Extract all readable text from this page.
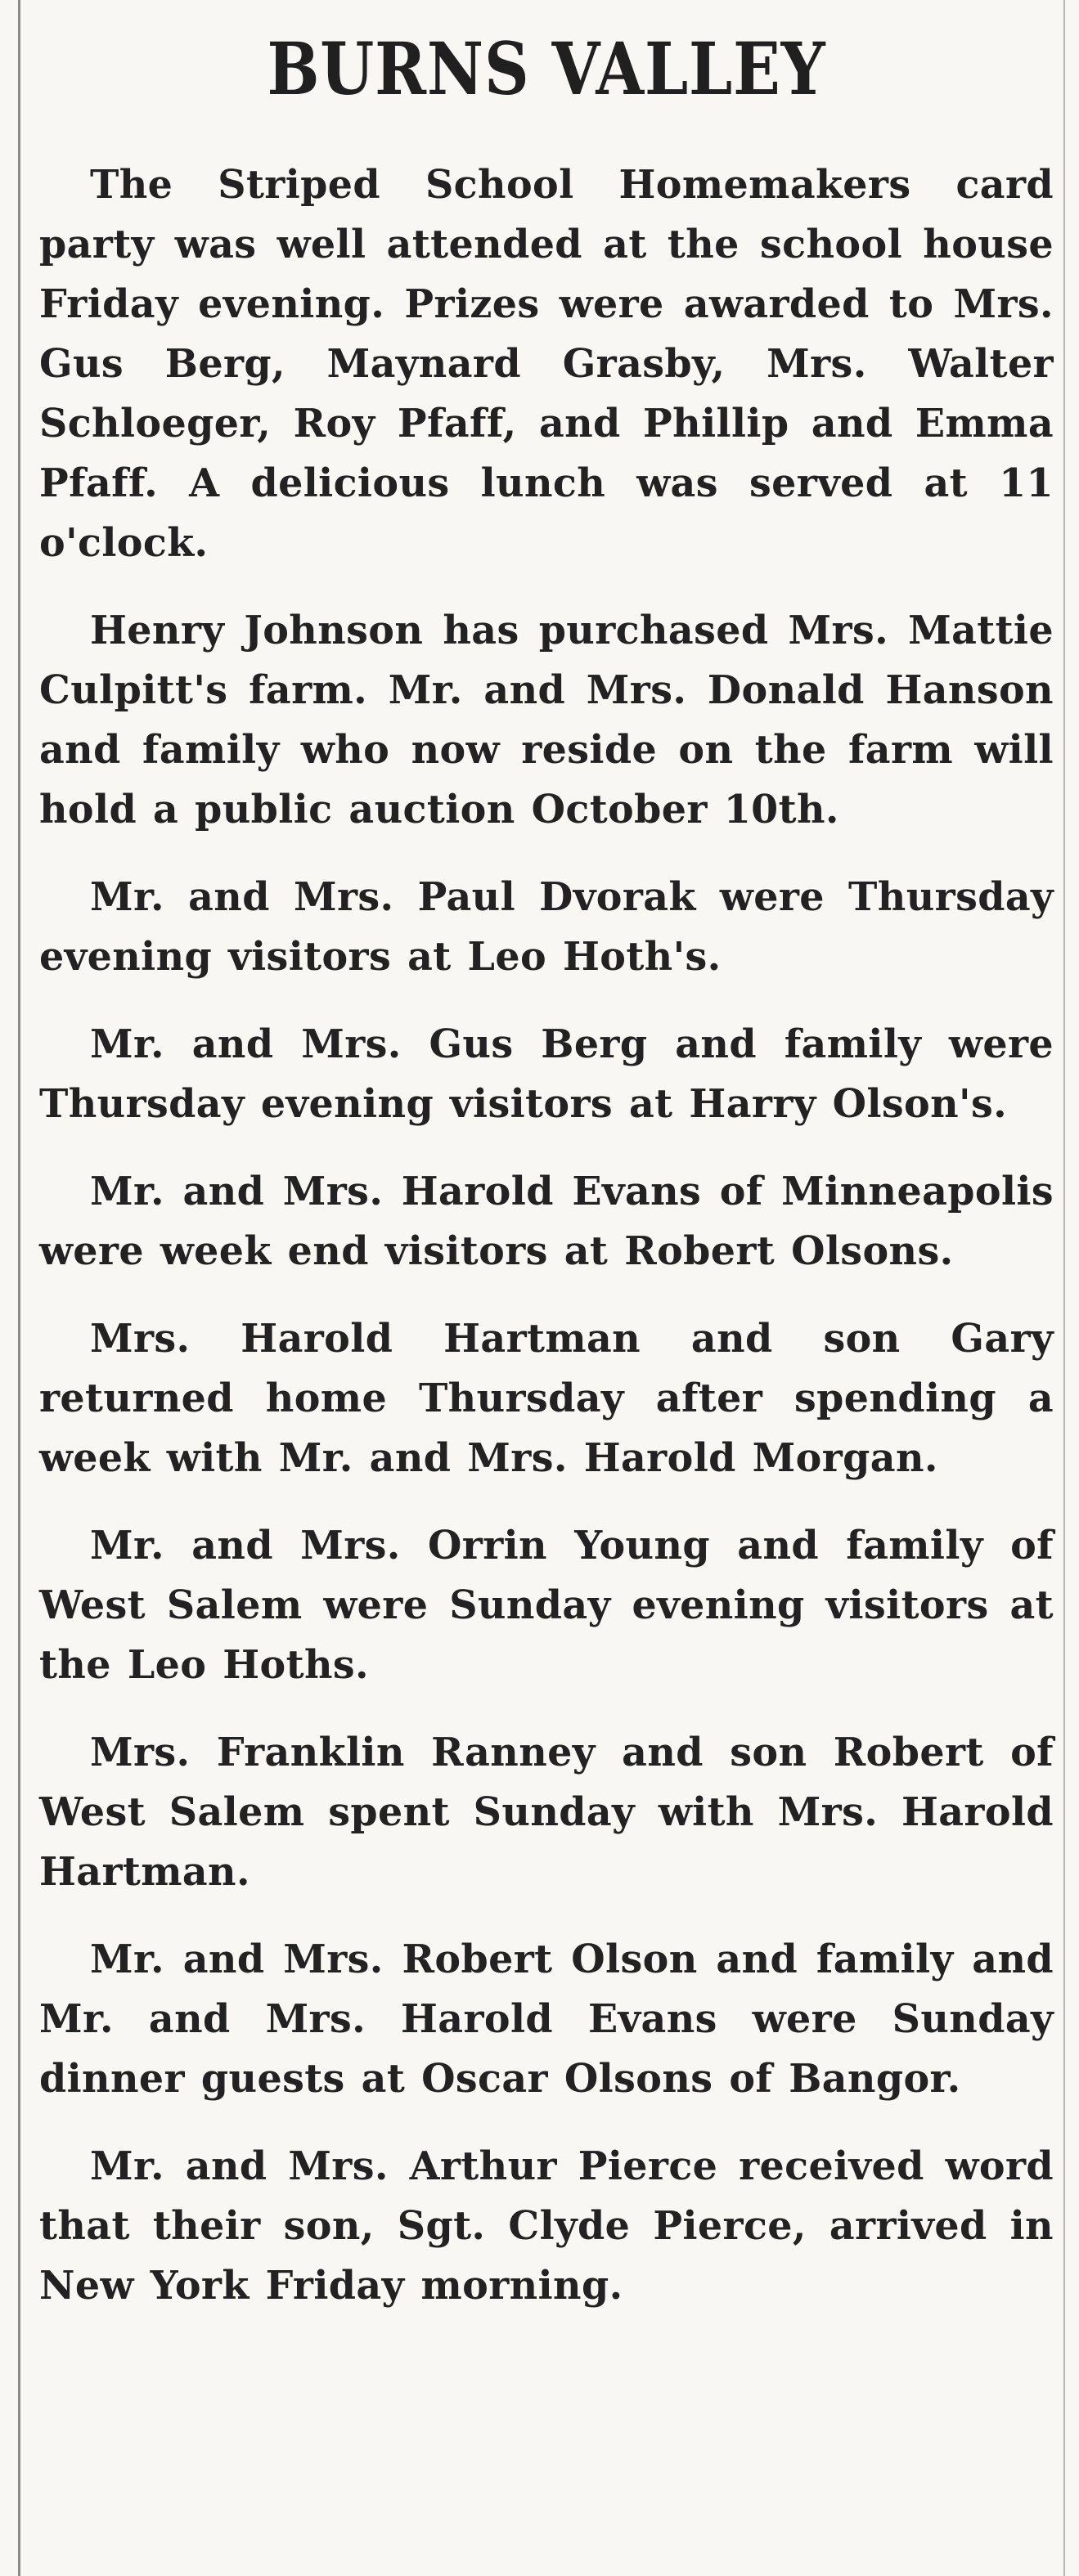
BURNS VALLEY

The Striped School Homemakers card party was well attended at the school house Friday evening. Prizes were awarded to Mrs. Gus Berg, Maynard Grasby, Mrs. Walter Schloeger, Roy Pfaff, and Phillip and Emma Pfaff. A delicious lunch was served at 11 o'clock.

Henry Johnson has purchased Mrs. Mattie Culpitt's farm. Mr. and Mrs. Donald Hanson and family who now reside on the farm will hold a public auction October 10th.

Mr. and Mrs. Paul Dvorak were Thursday evening visitors at Leo Hoth's.

Mr. and Mrs. Gus Berg and family were Thursday evening visitors at Harry Olson's.

Mr. and Mrs. Harold Evans of Minneapolis were week end visitors at Robert Olsons.

Mrs. Harold Hartman and son Gary returned home Thursday after spending a week with Mr. and Mrs. Harold Morgan.

Mr. and Mrs. Orrin Young and family of West Salem were Sunday evening visitors at the Leo Hoths.

Mrs. Franklin Ranney and son Robert of West Salem spent Sunday with Mrs. Harold Hartman.

Mr. and Mrs. Robert Olson and family and Mr. and Mrs. Harold Evans were Sunday dinner guests at Oscar Olsons of Bangor.

Mr. and Mrs. Arthur Pierce received word that their son, Sgt. Clyde Pierce, arrived in New York Friday morning.
